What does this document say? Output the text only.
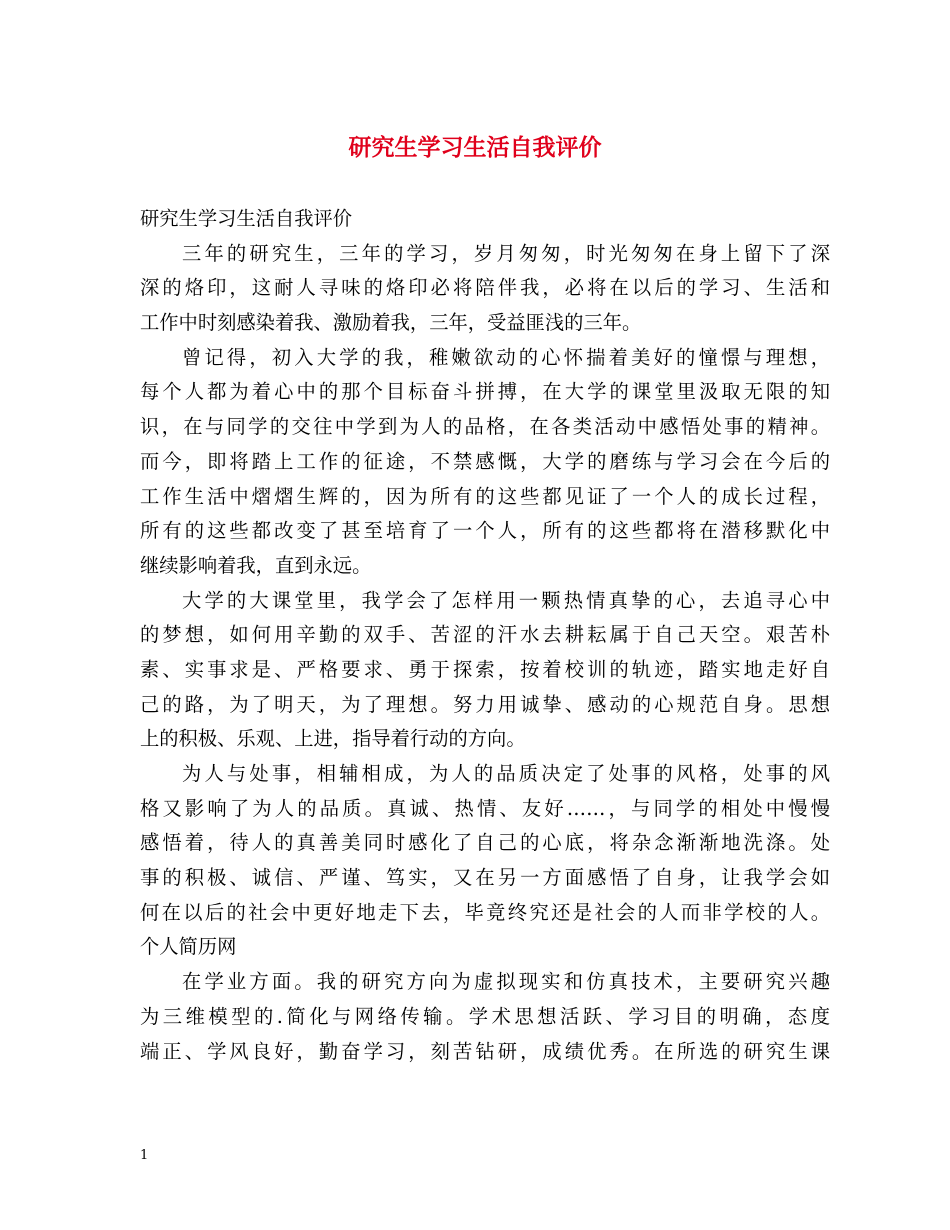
研究生学习生活自我评价
研究生学习生活自我评价
三年的研究生，三年的学习，岁月匆匆，时光匆匆在身上留下了深
深的烙印，这耐人寻味的烙印必将陪伴我，必将在以后的学习、生活和
工作中时刻感染着我、激励着我，三年，受益匪浅的三年。
曾记得，初入大学的我，稚嫩欲动的心怀揣着美好的憧憬与理想，
每个人都为着心中的那个目标奋斗拼搏，在大学的课堂里汲取无限的知
识，在与同学的交往中学到为人的品格，在各类活动中感悟处事的精神。
而今，即将踏上工作的征途，不禁感慨，大学的磨练与学习会在今后的
工作生活中熠熠生辉的，因为所有的这些都见证了一个人的成长过程，
所有的这些都改变了甚至培育了一个人，所有的这些都将在潜移默化中
继续影响着我，直到永远。
大学的大课堂里，我学会了怎样用一颗热情真挚的心，去追寻心中
的梦想，如何用辛勤的双手、苦涩的汗水去耕耘属于自己天空。艰苦朴
素、实事求是、严格要求、勇于探索，按着校训的轨迹，踏实地走好自
己的路，为了明天，为了理想。努力用诚挚、感动的心规范自身。思想
上的积极、乐观、上进，指导着行动的方向。
为人与处事，相辅相成，为人的品质决定了处事的风格，处事的风
格又影响了为人的品质。真诚、热情、友好……，与同学的相处中慢慢
感悟着，待人的真善美同时感化了自己的心底，将杂念渐渐地洗涤。处
事的积极、诚信、严谨、笃实，又在另一方面感悟了自身，让我学会如
何在以后的社会中更好地走下去，毕竟终究还是社会的人而非学校的人。
个人简历网
在学业方面。我的研究方向为虚拟现实和仿真技术，主要研究兴趣
为三维模型的.简化与网络传输。学术思想活跃、学习目的明确，态度
端正、学风良好，勤奋学习，刻苦钻研，成绩优秀。在所选的研究生课
1
